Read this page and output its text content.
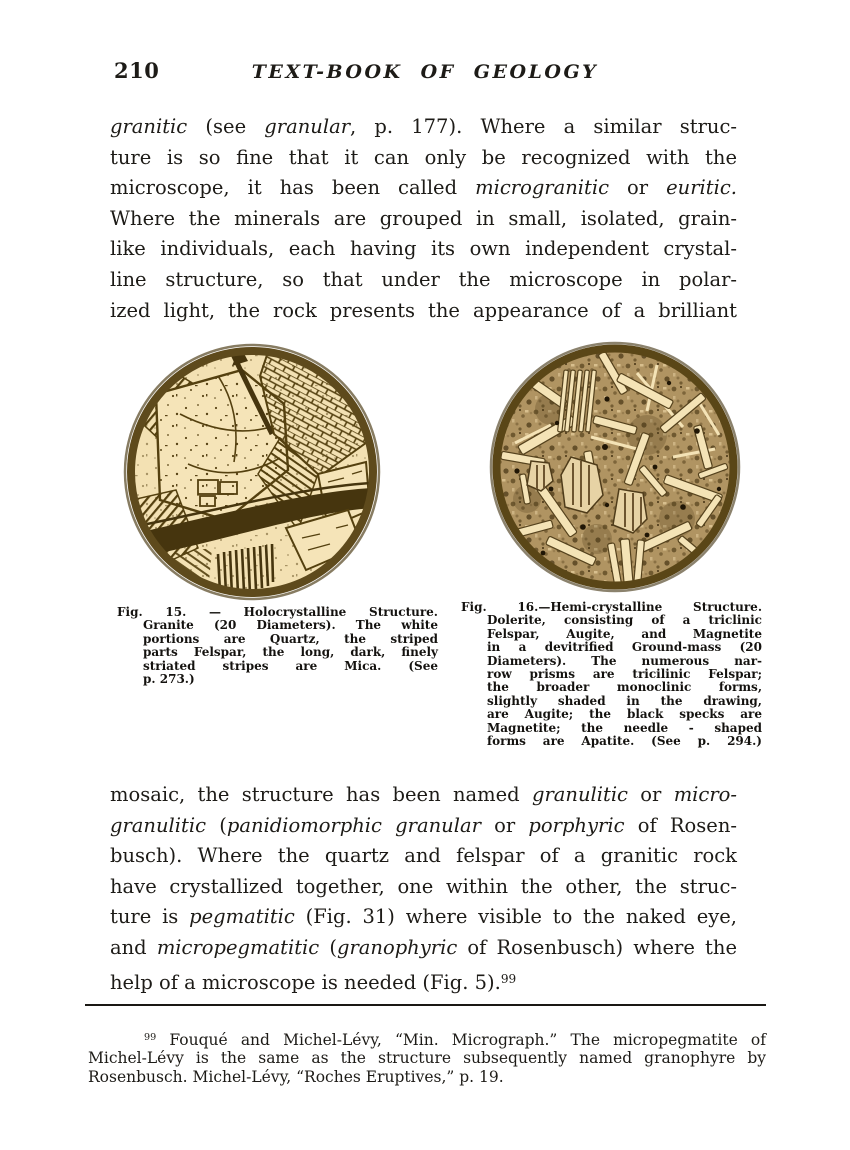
210	TEXT-BOOK OF GEOLOGY
granitic (see granular, p. 177). Where a similar struc-
ture is so fine that it can only be recognized with the
microscope, it has been called microgranitic or euritic.
Where the minerals are grouped in small, isolated, grain-
like individuals, each having its own independent crystal-
line structure, so that under the microscope in polar-
ized light, the rock presents the appearance of a brilliant
Fig. 15. — Holocrystalline Structure.
Granite (20 Diameters). The white
portions are Quartz, the striped
parts Felspar, the long, dark, finely
striated stripes are Mica. (See
p. 273.)
Fig. 16.—Hemi-crystalline Structure.
Dolerite, consisting of a triclinic
Felspar, Augite, and Magnetite
in a devitrified Ground-mass (20
Diameters). The numerous nar-
row prisms are tricilinic Felspar;
the broader monoclinic forms,
slightly shaded in the drawing,
are Augite; the black specks are
Magnetite; the needle - shaped
forms are Apatite. (See p. 294.)
mosaic, the structure has been named granulitic or micro-
granulitic (panidiomorphic granular or porphyric of Rosen-
busch). Where the quartz and felspar of a granitic rock
have crystallized together, one within the other, the struc-
ture is pegmatitic (Fig. 31) where visible to the naked eye,
and micropegmatitic (granophyric of Rosenbusch) where the
help of a microscope is needed (Fig. 5).$^{99}$
$^{99}$ Fouqué and Michel-Lévy, “Min. Micrograph.” The micropegmatite of
Michel-Lévy is the same as the structure subsequently named granophyre by
Rosenbusch. Michel-Lévy, “Roches Eruptives,” p. 19.
